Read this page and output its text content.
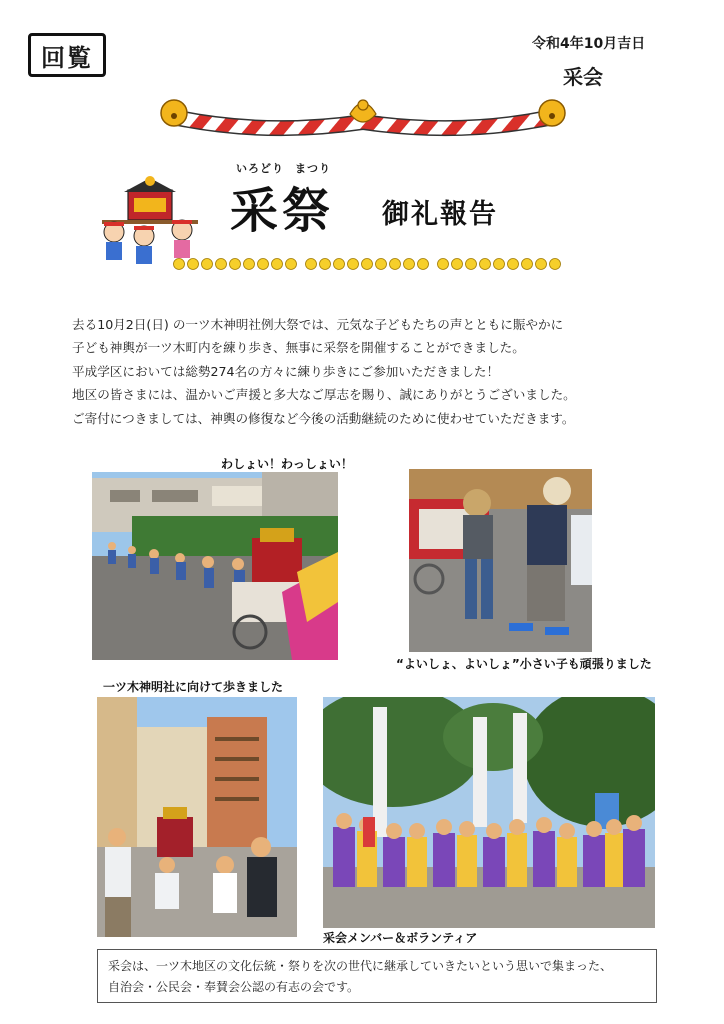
回覧	令和4年10月吉日
采会
いろどり まつり
采祭 御礼報告

去る10月2日(日) の一ツ木神明社例大祭では、元気な子どもたちの声とともに賑やかに

子ども神輿が一ツ木町内を練り歩き、無事に采祭を開催することができました。

平成学区においては総勢274名の方々に練り歩きにご参加いただきました！

地区の皆さまには、温かいご声援と多大なご厚志を賜り、誠にありがとうございました。

ご寄付につきましては、神輿の修復など今後の活動継続のために使わせていただきます。

わしょい！わっしょい！
“よいしょ、よいしょ”小さい子も頑張りました
一ツ木神明社に向けて歩きました
采会メンバー＆ボランティア
采会は、一ツ木地区の文化伝統・祭りを次の世代に継承していきたいという思いで集まった、
自治会・公民会・奉賛会公認の有志の会です。
